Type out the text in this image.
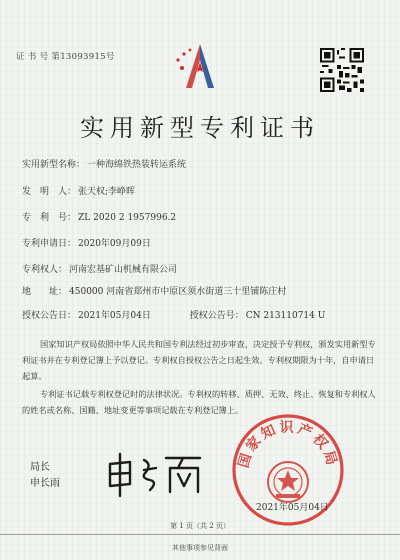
证 书 号 第13093915号
实用新型专利证书
实用新型名称： 一种海绵铁热装转运系统
发　明　人： 张天权;李峥晖
专　利　号： ZL 2020 2 1957996.2
专利申请日： 2020年09月09日
专利权人： 河南宏基矿山机械有限公司
地　　址： 450000 河南省郑州市中原区须水街道三十里铺陈庄村
授权公告日： 2021年05月04日	授权公告号： CN 213110714 U

国家知识产权局依照中华人民共和国专利法经过初步审查，决定授予专利权，颁发实用新型专利证书并在专利登记簿上予以登记。专利权自授权公告之日起生效。专利权期限为十年，自申请日起算。

专利证书记载专利权登记时的法律状况。专利权的转移、质押、无效、终止、恢复和专利权人的姓名或名称、国籍、地址变更等事项记载在专利登记簿上。

局长
申长雨
国家知识产权局
2021年05月04日
第 1 页（共 2 页）
其他事项参见背面
